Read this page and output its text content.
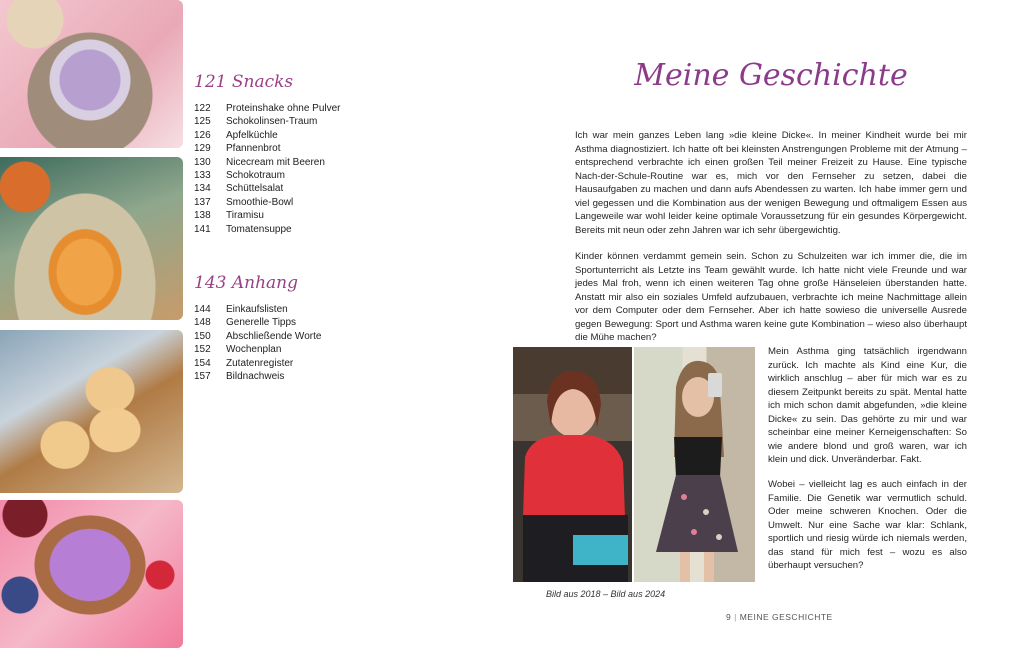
121 Snacks
122	Proteinshake ohne Pulver
125	Schokolinsen-Traum
126	Apfelküchle
129	Pfannenbrot
130	Nicecream mit Beeren
133	Schokotraum
134	Schüttelsalat
137	Smoothie-Bowl
138	Tiramisu
141	Tomatensuppe
143 Anhang
144	Einkaufslisten
148	Generelle Tipps
150	Abschließende Worte
152	Wochenplan
154	Zutatenregister
157	Bildnachweis
Meine Geschichte

Ich war mein ganzes Leben lang »die kleine Dicke«. In meiner Kindheit wurde bei mir Asthma diagnostiziert. Ich hatte oft bei kleinsten Anstrengungen Probleme mit der Atmung – entsprechend verbrachte ich einen großen Teil meiner Freizeit zu Hause. Eine typische Nach-der-Schule-Routine war es, mich vor den Fernseher zu setzen, dabei die Hausaufgaben zu machen und dann aufs Abendessen zu warten. Ich habe immer gern und viel gegessen und die Kombination aus der wenigen Bewegung und oftmaligem Essen aus Langeweile war wohl leider keine optimale Voraussetzung für ein gesundes Körpergewicht. Bereits mit neun oder zehn Jahren war ich sehr übergewichtig.

Kinder können verdammt gemein sein. Schon zu Schulzeiten war ich immer die, die im Sportunterricht als Letzte ins Team gewählt wurde. Ich hatte nicht viele Freunde und war jedes Mal froh, wenn ich einen weiteren Tag ohne große Hänseleien überstanden hatte. Anstatt mir also ein soziales Umfeld aufzubauen, verbrachte ich meine Nachmittage allein vor dem Computer oder dem Fernseher. Aber ich hatte sowieso die universelle Ausrede gegen Bewegung: Sport und Asthma waren keine gute Kombination – wieso also überhaupt die Mühe machen?

Mein Asthma ging tatsächlich irgendwann zurück. Ich machte als Kind eine Kur, die wirklich anschlug – aber für mich war es zu diesem Zeitpunkt bereits zu spät. Mental hatte ich mich schon damit abgefunden, »die kleine Dicke« zu sein. Das gehörte zu mir und war scheinbar eine meiner Kerneigenschaften: So wie andere blond und groß waren, war ich klein und dick. Unveränderbar. Fakt.

Wobei – vielleicht lag es auch einfach in der Familie. Die Genetik war vermutlich schuld. Oder meine schweren Knochen. Oder die Umwelt. Nur eine Sache war klar: Schlank, sportlich und riesig würde ich niemals werden, das stand für mich fest – wozu es also überhaupt versuchen?

Bild aus 2018 – Bild aus 2024
9 | MEINE GESCHICHTE
